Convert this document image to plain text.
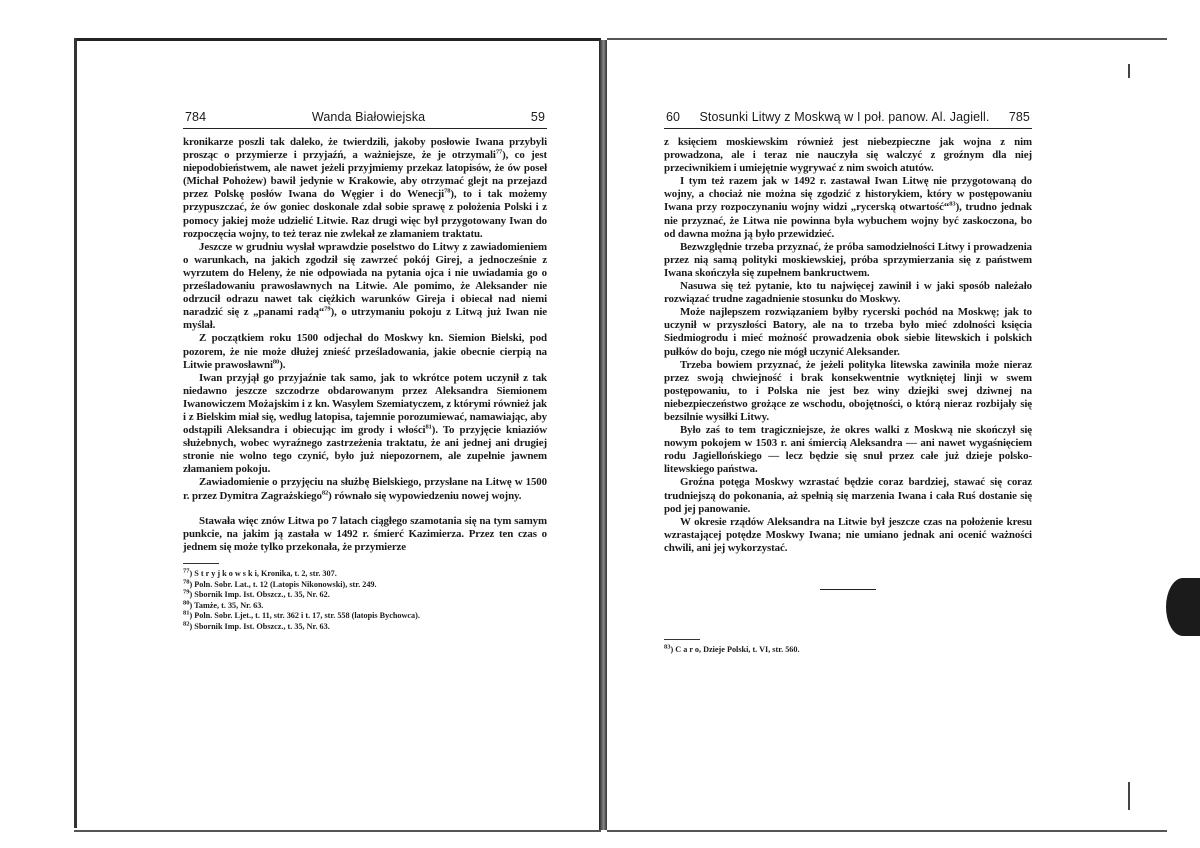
784	Wanda Białowiejska	59

kronikarze poszli tak daleko, że twierdzili, jakoby posłowie Iwana przybyli prosząc o przymierze i przyjaźń, a ważniejsze, że je otrzymali$^{77}$), co jest niepodobieństwem, ale nawet jeżeli przyjmiemy przekaz latopisów, że ów poseł (Michał Pohożew) bawił jedynie w Krakowie, aby otrzymać glejt na przejazd przez Polskę posłów Iwana do Węgier i do Wenecji$^{78}$), to i tak możemy przypuszczać, że ów goniec doskonale zdał sobie sprawę z położenia Polski i z pomocy jakiej może udzielić Litwie. Raz drugi więc był przygotowany Iwan do rozpoczęcia wojny, to też teraz nie zwlekał ze złamaniem traktatu.

Jeszcze w grudniu wysłał wprawdzie poselstwo do Litwy z zawiadomieniem o warunkach, na jakich zgodził się zawrzeć pokój Girej, a jednocześnie z wyrzutem do Heleny, że nie odpowiada na pytania ojca i nie uwiadamia go o prześladowaniu prawosławnych na Litwie. Ale pomimo, że Aleksander nie odrzucił odrazu nawet tak ciężkich warunków Gireja i obiecał nad niemi naradzić się z „panami radą“$^{79}$), o utrzymaniu pokoju z Litwą już Iwan nie myślał.

Z początkiem roku 1500 odjechał do Moskwy kn. Siemion Bielski, pod pozorem, że nie może dłużej znieść prześladowania, jakie obecnie cierpią na Litwie prawosławni$^{80}$).

Iwan przyjął go przyjaźnie tak samo, jak to wkrótce potem uczynił z tak niedawno jeszcze szczodrze obdarowanym przez Aleksandra Siemionem Iwanowiczem Możajskim i z kn. Wasylem Szemiatyczem, z którymi również jak i z Bielskim miał się, według latopisa, tajemnie porozumiewać, namawiając, aby odstąpili Aleksandra i obiecując im grody i włości$^{81}$). To przyjęcie kniaziów służebnych, wobec wyraźnego zastrzeżenia traktatu, że ani jednej ani drugiej stronie nie wolno tego czynić, było już niepozornem, ale zupełnie jawnem złamaniem pokoju.

Zawiadomienie o przyjęciu na służbę Bielskiego, przysłane na Litwę w 1500 r. przez Dymitra Zagrażskiego$^{82}$) równało się wypowiedzeniu nowej wojny.

Stawała więc znów Litwa po 7 latach ciągłego szamotania się na tym samym punkcie, na jakim ją zastała w 1492 r. śmierć Kazimierza. Przez ten czas o jednem się może tylko przekonała, że przymierze

$^{77}$) S t r y j k o w s k i, Kronika, t. 2, str. 307.
$^{78}$) Poln. Sobr. Lat., t. 12 (Latopis Nikonowski), str. 249.
$^{79}$) Sbornik Imp. Ist. Obszcz., t. 35, Nr. 62.
$^{80}$) Tamże, t. 35, Nr. 63.
$^{81}$) Poln. Sobr. Ljet., t. 11, str. 362 i t. 17, str. 558 (latopis Bychowca).
$^{82}$) Sbornik Imp. Ist. Obszcz., t. 35, Nr. 63.
60 Stosunki Litwy z Moskwą w I poł. panow. Al. Jagiell. 785

z księciem moskiewskim również jest niebezpieczne jak wojna z nim prowadzona, ale i teraz nie nauczyła się walczyć z groźnym dla niej przeciwnikiem i umiejętnie wygrywać z nim swoich atutów.

I tym też razem jak w 1492 r. zastawał Iwan Litwę nie przygotowaną do wojny, a chociaż nie można się zgodzić z historykiem, który w postępowaniu Iwana przy rozpoczynaniu wojny widzi „rycerską otwartość“$^{83}$), trudno jednak nie przyznać, że Litwa nie powinna była wybuchem wojny być zaskoczona, bo od dawna można ją było przewidzieć.

Bezwzględnie trzeba przyznać, że próba samodzielności Litwy i prowadzenia przez nią samą polityki moskiewskiej, próba sprzymierzania się z państwem Iwana skończyła się zupełnem bankructwem.

Nasuwa się też pytanie, kto tu najwięcej zawinił i w jaki sposób należało rozwiązać trudne zagadnienie stosunku do Moskwy.

Może najlepszem rozwiązaniem byłby rycerski pochód na Moskwę; jak to uczynił w przyszłości Batory, ale na to trzeba było mieć zdolności księcia Siedmiogrodu i mieć możność prowadzenia obok siebie litewskich i polskich pułków do boju, czego nie mógł uczynić Aleksander.

Trzeba bowiem przyznać, że jeżeli polityka litewska zawiniła może nieraz przez swoją chwiejność i brak konsekwentnie wytkniętej linji w swem postępowaniu, to i Polska nie jest bez winy dziejki swej dziwnej na niebezpieczeństwo grożące ze wschodu, obojętności, o którą nieraz rozbijały się bezsilnie wysiłki Litwy.

Było zaś to tem tragiczniejsze, że okres walki z Moskwą nie skończył się nowym pokojem w 1503 r. ani śmiercią Aleksandra — ani nawet wygaśnięciem rodu Jagiellońskiego — lecz będzie się snuł przez całe już dzieje polsko-litewskiego państwa.

Groźna potęga Moskwy wzrastać będzie coraz bardziej, stawać się coraz trudniejszą do pokonania, aż spełnią się marzenia Iwana i cała Ruś dostanie się pod jej panowanie.

W okresie rządów Aleksandra na Litwie był jeszcze czas na położenie kresu wzrastającej potędze Moskwy Iwana; nie umiano jednak ani ocenić ważności chwili, ani jej wykorzystać.

$^{83}$) C a r o, Dzieje Polski, t. VI, str. 560.
